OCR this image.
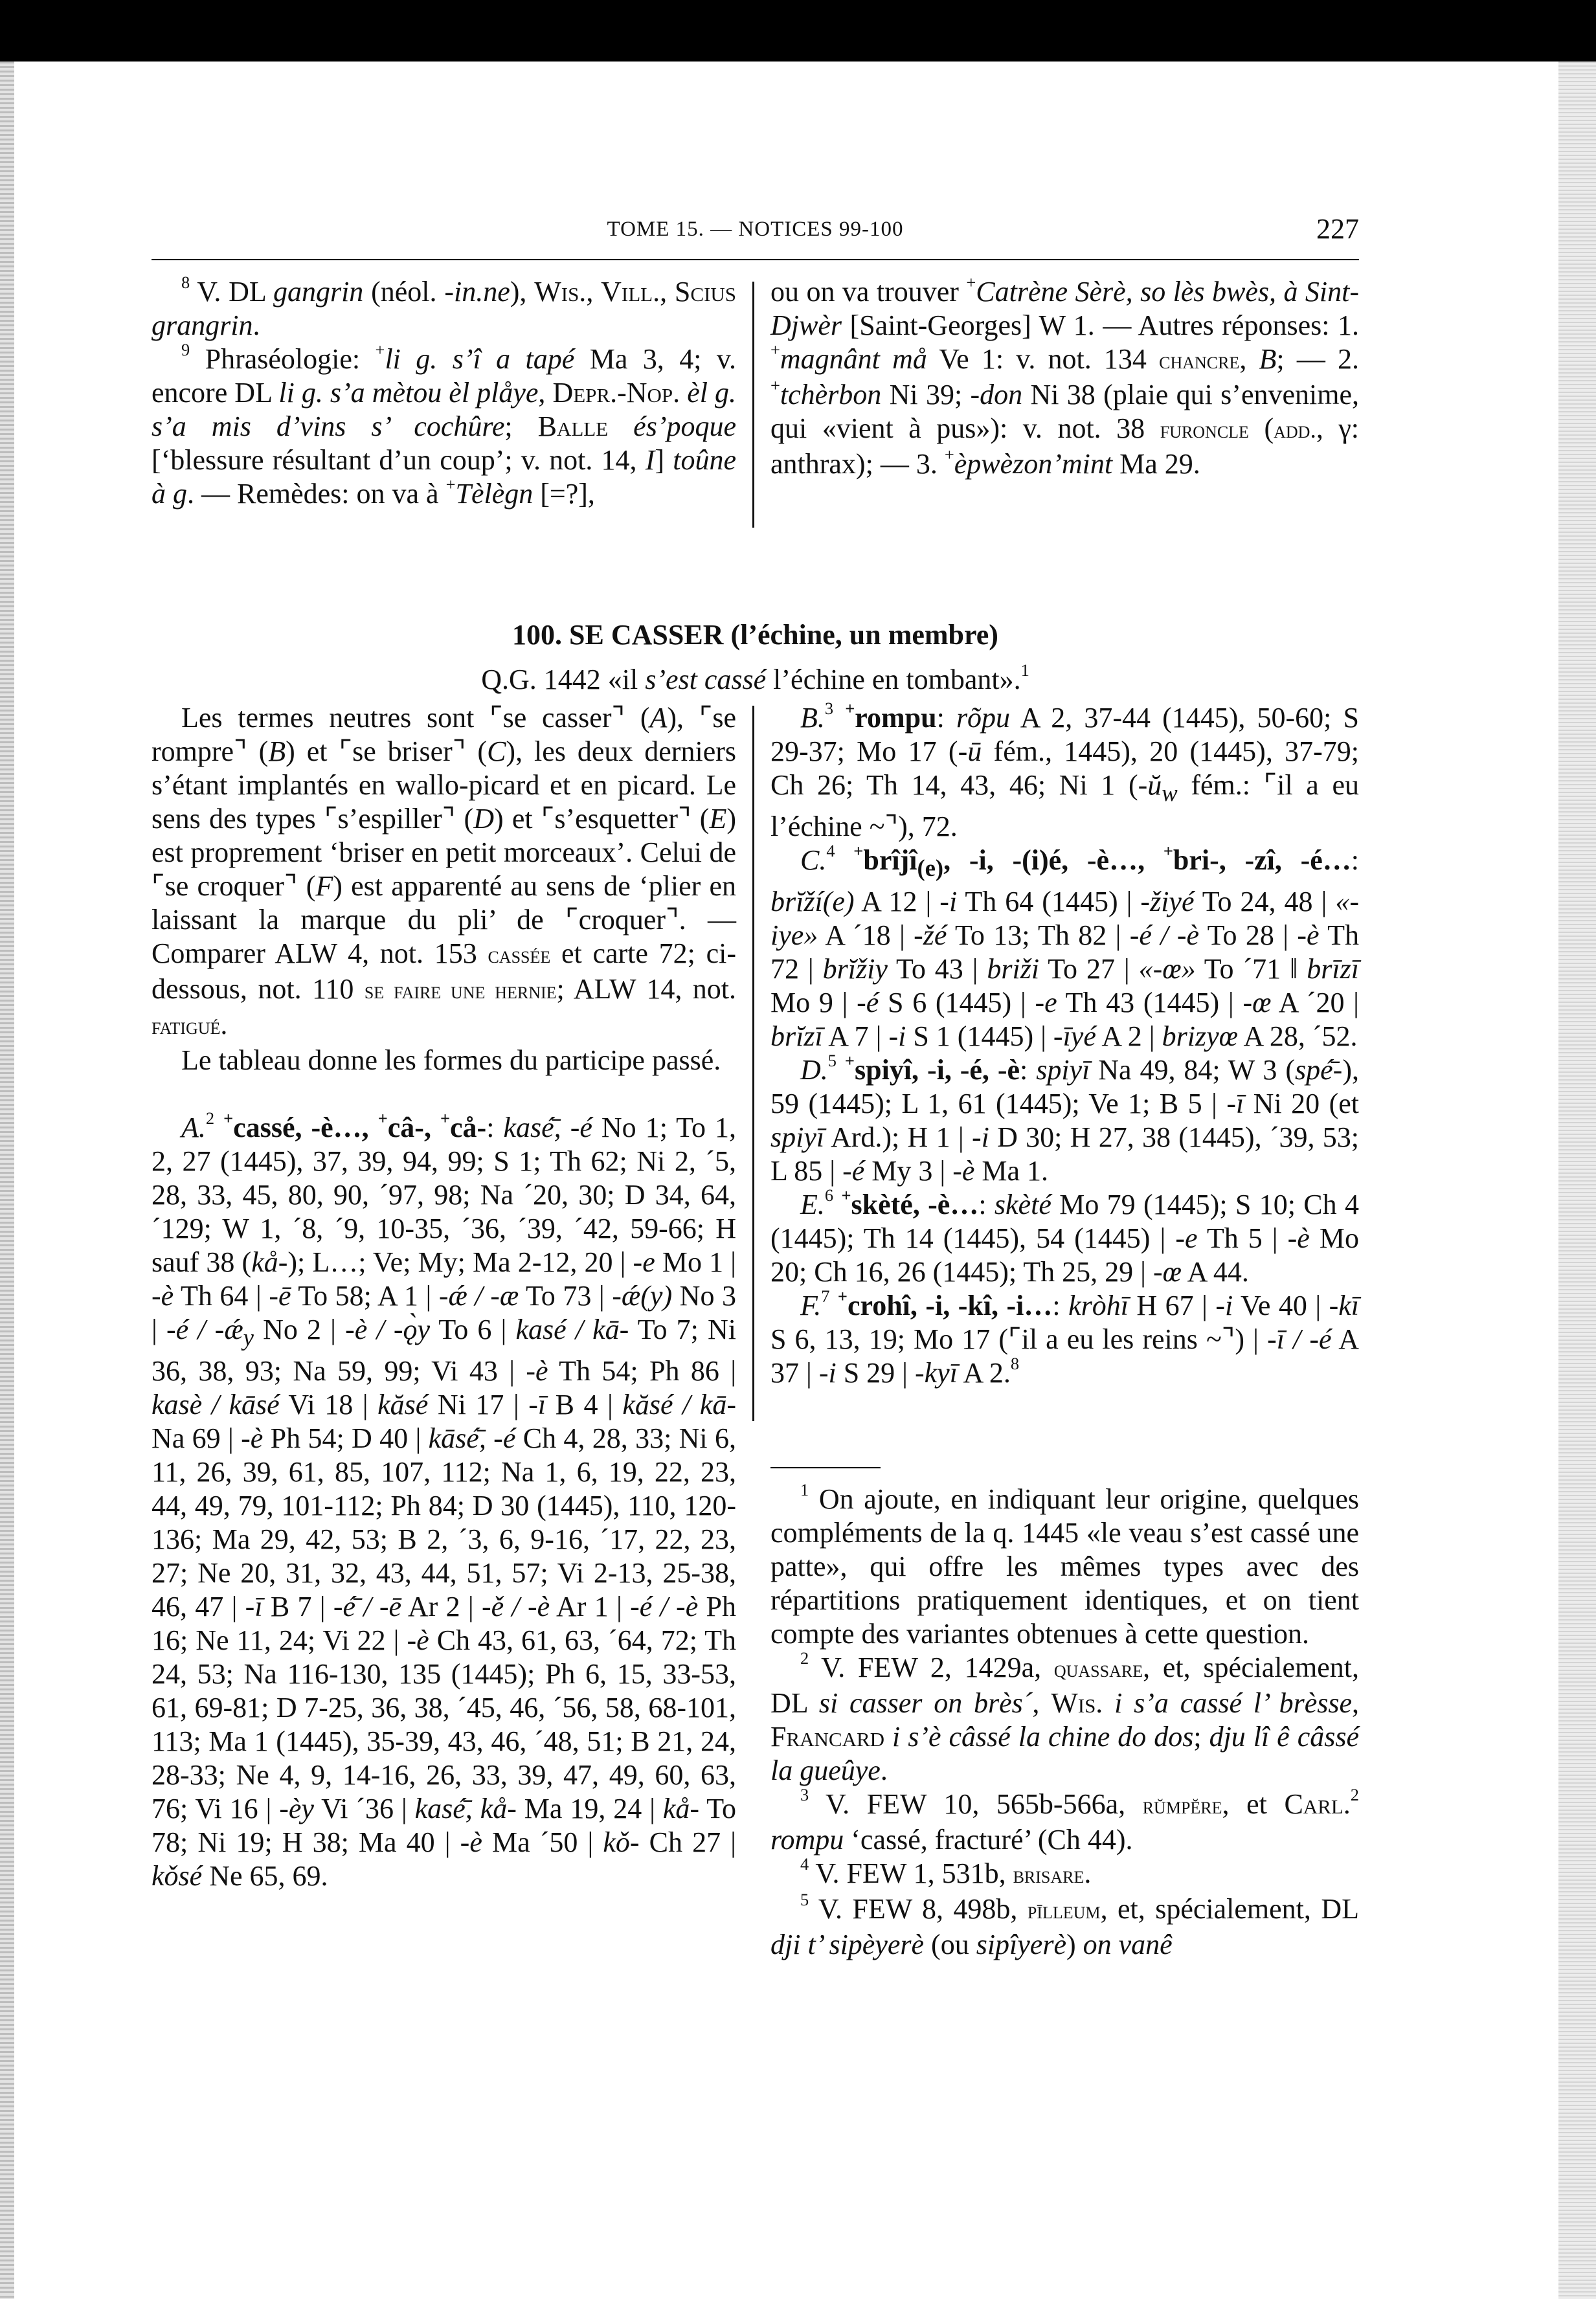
TOME 15. — NOTICES 99-100	227

$^8$ V. DL gangrin (néol. -in.ne), Wis., Vill., Scius grangrin.

$^9$ Phraséologie: +li g. s’î a tapé Ma 3, 4; v. encore DL li g. s’a mètou èl plåye, Depr.-Nop. èl g. s’a mis d’vins s’ cochûre; Balle és’poque [‘blessure résultant d’un coup’; v. not. 14, I] toûne à g. — Remèdes: on va à +Tèlègn [=?],

ou on va trouver +Catrène Sèrè, so lès bwès, à Sint-Djwèr [Saint-Georges] W 1. — Autres réponses: 1. +magnânt må Ve 1: v. not. 134 chancre, B; — 2. +tchèrbon Ni 39; -don Ni 38 (plaie qui s’envenime, qui «vient à pus»): v. not. 38 furoncle (add., γ: anthrax); — 3. +èpwèzon’mint Ma 29.

100. SE CASSER (l’échine, un membre)
Q.G. 1442 «il s’est cassé l’échine en tombant».$^1$

Les termes neutres sont ⌜se casser⌝ (A), ⌜se rompre⌝ (B) et ⌜se briser⌝ (C), les deux derniers s’étant implantés en wallo-picard et en picard. Le sens des types ⌜s’espiller⌝ (D) et ⌜s’esquetter⌝ (E) est proprement ‘briser en petit morceaux’. Celui de ⌜se croquer⌝ (F) est apparenté au sens de ‘plier en laissant la marque du pli’ de ⌜croquer⌝. — Comparer ALW 4, not. 153 cassée et carte 72; ci-dessous, not. 110 se faire une hernie; ALW 14, not. fatigué.

Le tableau donne les formes du participe passé.

A.$^2$ +cassé, -è…, +câ-, +cå-: kasé̄, -é No 1; To 1, 2, 27 (1445), 37, 39, 94, 99; S 1; Th 62; Ni 2, ´5, 28, 33, 45, 80, 90, ´97, 98; Na ´20, 30; D 34, 64, ´129; W 1, ´8, ´9, 10-35, ´36, ´39, ´42, 59-66; H sauf 38 (kå-); L…; Ve; My; Ma 2-12, 20 | -e Mo 1 | -è Th 64 | -ē To 58; A 1 | -ǽ / -æ To 73 | -ǽ(y) No 3 | -é / $-ǽ_y$ No 2 | -è / -ǫ̀y To 6 | kasé / kā- To 7; Ni 36, 38, 93; Na 59, 99; Vi 43 | -è Th 54; Ph 86 | kasè / kāsé Vi 18 | kăsé Ni 17 | -ī B 4 | kăsé / kā- Na 69 | -è Ph 54; D 40 | kāsé̄, -é Ch 4, 28, 33; Ni 6, 11, 26, 39, 61, 85, 107, 112; Na 1, 6, 19, 22, 23, 44, 49, 79, 101-112; Ph 84; D 30 (1445), 110, 120-136; Ma 29, 42, 53; B 2, ´3, 6, 9-16, ´17, 22, 23, 27; Ne 20, 31, 32, 43, 44, 51, 57; Vi 2-13, 25-38, 46, 47 | -ī B 7 | -é̄ / -ē Ar 2 | -ě / -è Ar 1 | -é / -è Ph 16; Ne 11, 24; Vi 22 | -è Ch 43, 61, 63, ´64, 72; Th 24, 53; Na 116-130, 135 (1445); Ph 6, 15, 33-53, 61, 69-81; D 7-25, 36, 38, ´45, 46, ´56, 58, 68-101, 113; Ma 1 (1445), 35-39, 43, 46, ´48, 51; B 21, 24, 28-33; Ne 4, 9, 14-16, 26, 33, 39, 47, 49, 60, 63, 76; Vi 16 | -èy Vi ´36 | kasé̄, kå- Ma 19, 24 | kå- To 78; Ni 19; H 38; Ma 40 | -è Ma ´50 | kǒ- Ch 27 | kǒsé Ne 65, 69.

B.$^3$ +rompu: rõpu A 2, 37-44 (1445), 50-60; S 29-37; Mo 17 (-ū fém., 1445), 20 (1445), 37-79; Ch 26; Th 14, 43, 46; Ni 1 ($-ŭ_w$ fém.: ⌜il a eu l’échine ~⌝), 72.

C.$^4$ +brîjî$_{(e)}$, -i, -(i)é, -è…, +bri-, -zî, -é…: brĭží(e) A 12 | -i Th 64 (1445) | -žiyé To 24, 48 | «-iye» A ´18 | -žé To 13; Th 82 | -é / -è To 28 | -è Th 72 | brĭžiy To 43 | briži To 27 | «-œ» To ´71 ‖ brīzī Mo 9 | -é S 6 (1445) | -e Th 43 (1445) | -œ A ´20 | brĭzī A 7 | -i S 1 (1445) | -īyé A 2 | brizyœ A 28, ´52.

D.$^5$ +spiyî, -i, -é, -è: spiyī Na 49, 84; W 3 (spé̄-), 59 (1445); L 1, 61 (1445); Ve 1; B 5 | -ī Ni 20 (et spiyī Ard.); H 1 | -i D 30; H 27, 38 (1445), ´39, 53; L 85 | -é My 3 | -è Ma 1.

E.$^6$ +skèté, -è…: skèté Mo 79 (1445); S 10; Ch 4 (1445); Th 14 (1445), 54 (1445) | -e Th 5 | -è Mo 20; Ch 16, 26 (1445); Th 25, 29 | -œ A 44.

F.$^7$ +crohî, -i, -kî, -i…: kròhī H 67 | -i Ve 40 | -kī S 6, 13, 19; Mo 17 (⌜il a eu les reins ~⌝) | -ī / -é A 37 | -i S 29 | -kyī A 2.$^8$

$^1$ On ajoute, en indiquant leur origine, quelques compléments de la q. 1445 «le veau s’est cassé une patte», qui offre les mêmes types avec des répartitions pratiquement identiques, et on tient compte des variantes obtenues à cette question.

$^2$ V. FEW 2, 1429a, quassare, et, spécialement, DL si casser on brès´, Wis. i s’a cassé l’ brèsse, Francard i s’è câssé la chine do dos; dju lî ê câssé la gueûye.

$^3$ V. FEW 10, 565b-566a, rŭmpĕre, et Carl.$^2$ rompu ‘cassé, fracturé’ (Ch 44).

$^4$ V. FEW 1, 531b, brisare.

$^5$ V. FEW 8, 498b, pīlleum, et, spécialement, DL dji t’ sipèyerè (ou sipîyerè) on vanê
